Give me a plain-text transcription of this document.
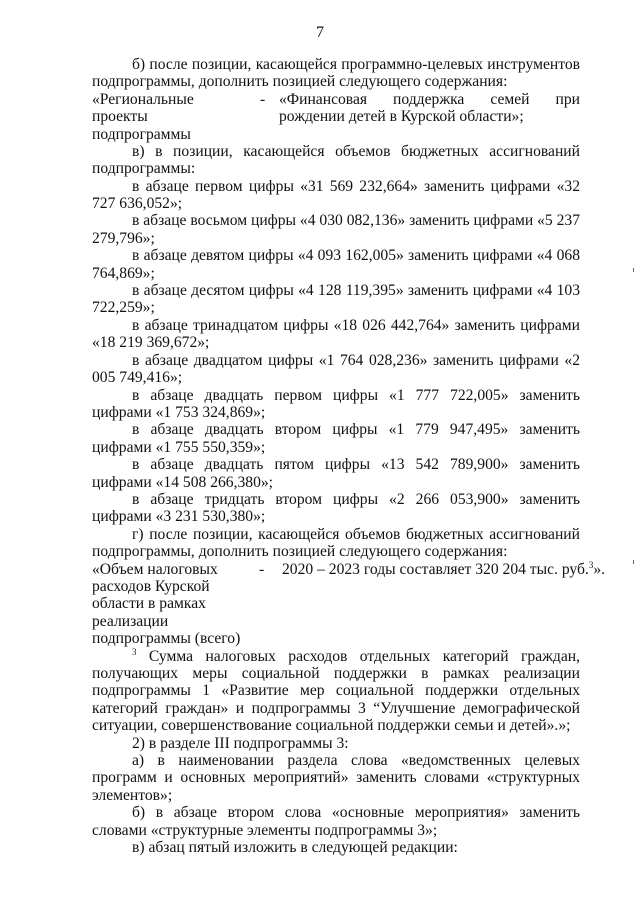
7

б) после позиции, касающейся программно-целевых инструментов подпрограммы, дополнить позицией следующего содержания:

«Региональные
проекты
подпрограммы
- «Финансовая поддержка семей при рождении детей в Курской области»;

в) в позиции, касающейся объемов бюджетных ассигнований подпрограммы:

в абзаце первом цифры «31 569 232,664» заменить цифрами «32 727 636,052»;

в абзаце восьмом цифры «4 030 082,136» заменить цифрами «5 237 279,796»;

в абзаце девятом цифры «4 093 162,005» заменить цифрами «4 068 764,869»;

в абзаце десятом цифры «4 128 119,395» заменить цифрами «4 103 722,259»;

в абзаце тринадцатом цифры «18 026 442,764» заменить цифрами «18 219 369,672»;

в абзаце двадцатом цифры «1 764 028,236» заменить цифрами «2 005 749,416»;

в абзаце двадцать первом цифры «1 777 722,005» заменить цифрами «1 753 324,869»;

в абзаце двадцать втором цифры «1 779 947,495» заменить цифрами «1 755 550,359»;

в абзаце двадцать пятом цифры «13 542 789,900» заменить цифрами «14 508 266,380»;

в абзаце тридцать втором цифры «2 266 053,900» заменить цифрами «3 231 530,380»;

г) после позиции, касающейся объемов бюджетных ассигнований подпрограммы, дополнить позицией следующего содержания:

«Объем налоговых
расходов Курской
области в рамках
реализации
подпрограммы (всего)
- 2020 – 2023 годы составляет 320 204 тыс. руб.$^3$».

$^3$ Сумма налоговых расходов отдельных категорий граждан, получающих меры социальной поддержки в рамках реализации подпрограммы 1 «Развитие мер социальной поддержки отдельных категорий граждан» и подпрограммы 3 “Улучшение демографической ситуации, совершенствование социальной поддержки семьи и детей».»;

2) в разделе III подпрограммы 3:

а) в наименовании раздела слова «ведомственных целевых программ и основных мероприятий» заменить словами «структурных элементов»;

б) в абзаце втором слова «основные мероприятия» заменить словами «структурные элементы подпрограммы 3»;

в) абзац пятый изложить в следующей редакции:
